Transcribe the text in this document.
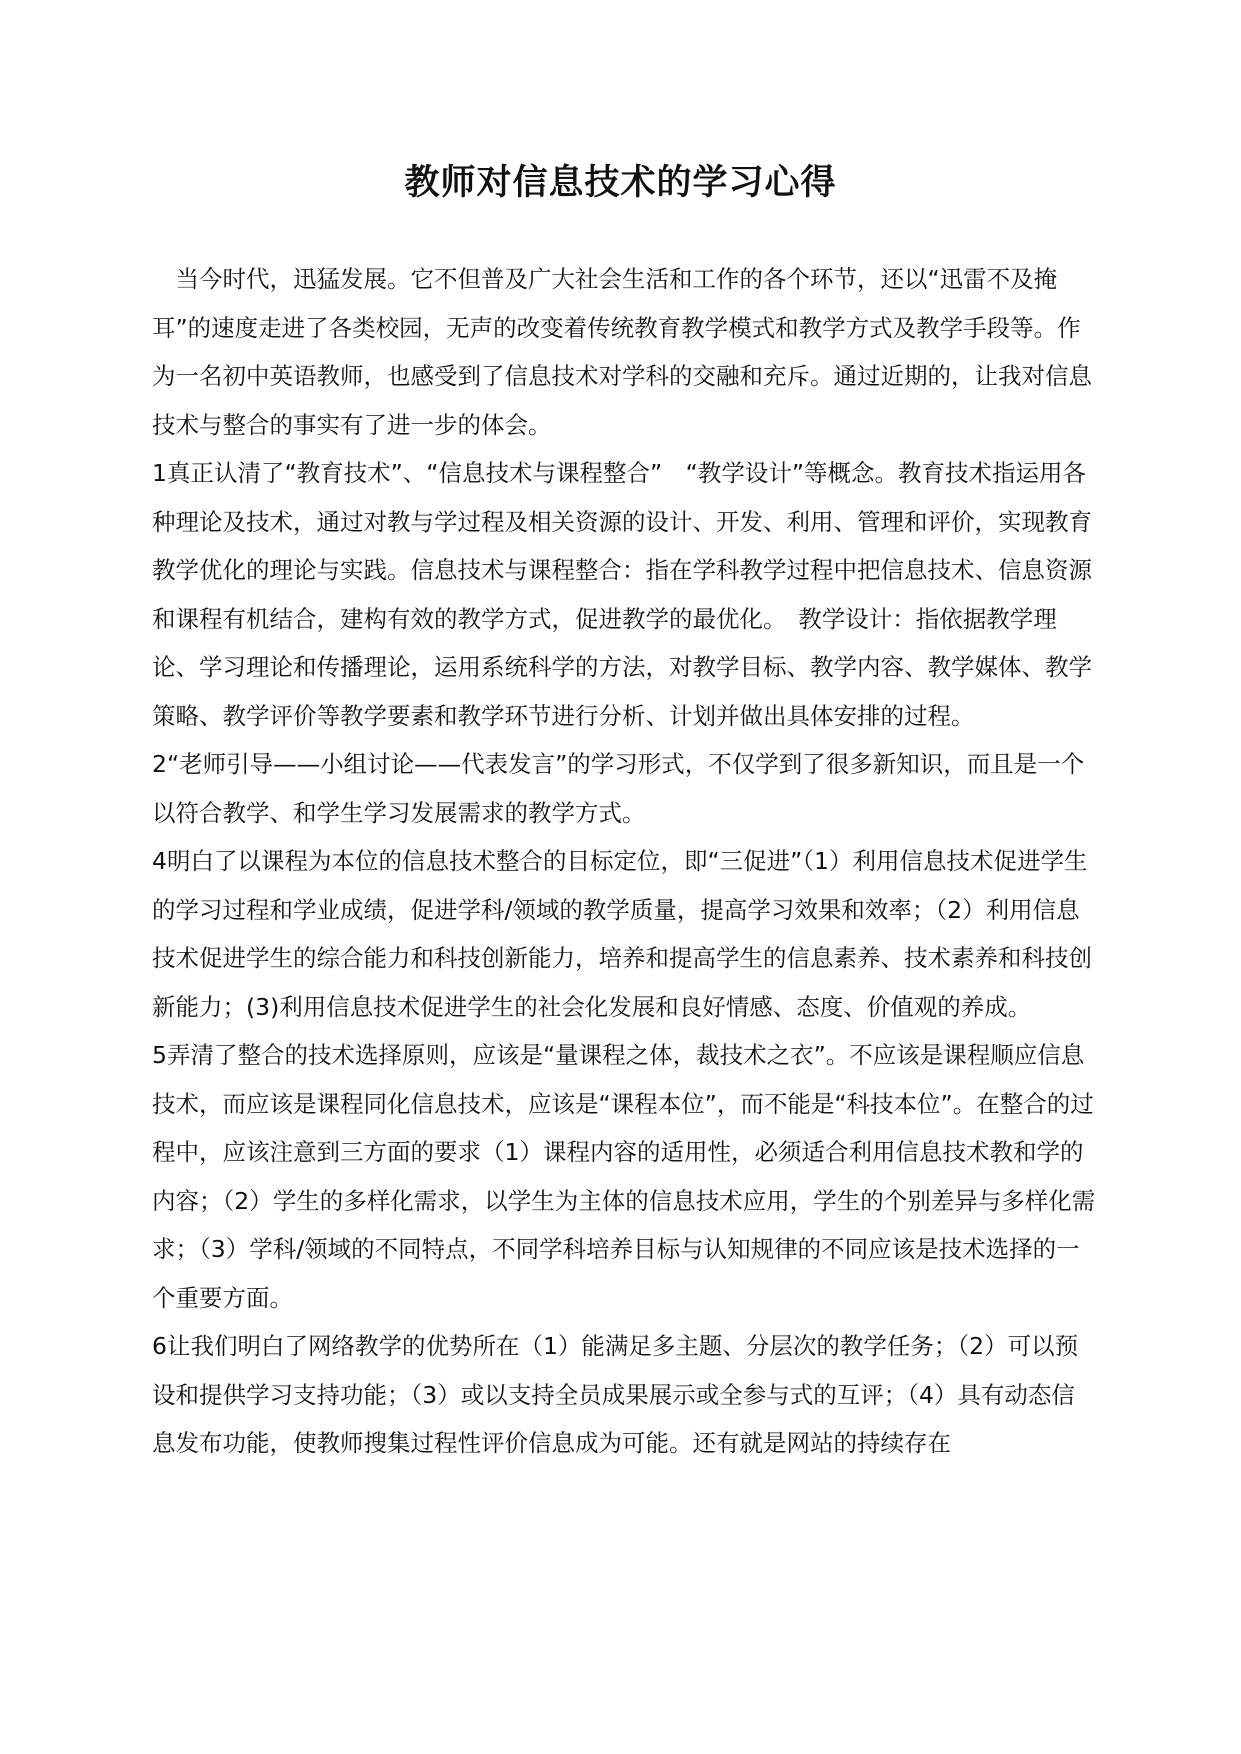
教师对信息技术的学习心得

　当今时代，迅猛发展。它不但普及广大社会生活和工作的各个环节，还以“迅雷不及掩耳”的速度走进了各类校园，无声的改变着传统教育教学模式和教学方式及教学手段等。作为一名初中英语教师，也感受到了信息技术对学科的交融和充斥。通过近期的，让我对信息技术与整合的事实有了进一步的体会。

1真正认清了“教育技术”、“信息技术与课程整合”　“教学设计”等概念。教育技术指运用各种理论及技术，通过对教与学过程及相关资源的设计、开发、利用、管理和评价，实现教育教学优化的理论与实践。信息技术与课程整合：指在学科教学过程中把信息技术、信息资源和课程有机结合，建构有效的教学方式，促进教学的最优化。　教学设计：指依据教学理论、学习理论和传播理论，运用系统科学的方法，对教学目标、教学内容、教学媒体、教学策略、教学评价等教学要素和教学环节进行分析、计划并做出具体安排的过程。

2“老师引导——小组讨论——代表发言”的学习形式，不仅学到了很多新知识，而且是一个以符合教学、和学生学习发展需求的教学方式。

4明白了以课程为本位的信息技术整合的目标定位，即“三促进”（1）利用信息技术促进学生的学习过程和学业成绩，促进学科/领域的教学质量，提高学习效果和效率；（2）利用信息技术促进学生的综合能力和科技创新能力，培养和提高学生的信息素养、技术素养和科技创新能力；(3)利用信息技术促进学生的社会化发展和良好情感、态度、价值观的养成。

5弄清了整合的技术选择原则，应该是“量课程之体，裁技术之衣”。不应该是课程顺应信息技术，而应该是课程同化信息技术，应该是“课程本位”，而不能是“科技本位”。在整合的过程中，应该注意到三方面的要求（1）课程内容的适用性，必须适合利用信息技术教和学的内容；（2）学生的多样化需求，以学生为主体的信息技术应用，学生的个别差异与多样化需求；（3）学科/领域的不同特点，不同学科培养目标与认知规律的不同应该是技术选择的一个重要方面。

6让我们明白了网络教学的优势所在（1）能满足多主题、分层次的教学任务；（2）可以预设和提供学习支持功能；（3）或以支持全员成果展示或全参与式的互评；（4）具有动态信息发布功能，使教师搜集过程性评价信息成为可能。还有就是网站的持续存在
